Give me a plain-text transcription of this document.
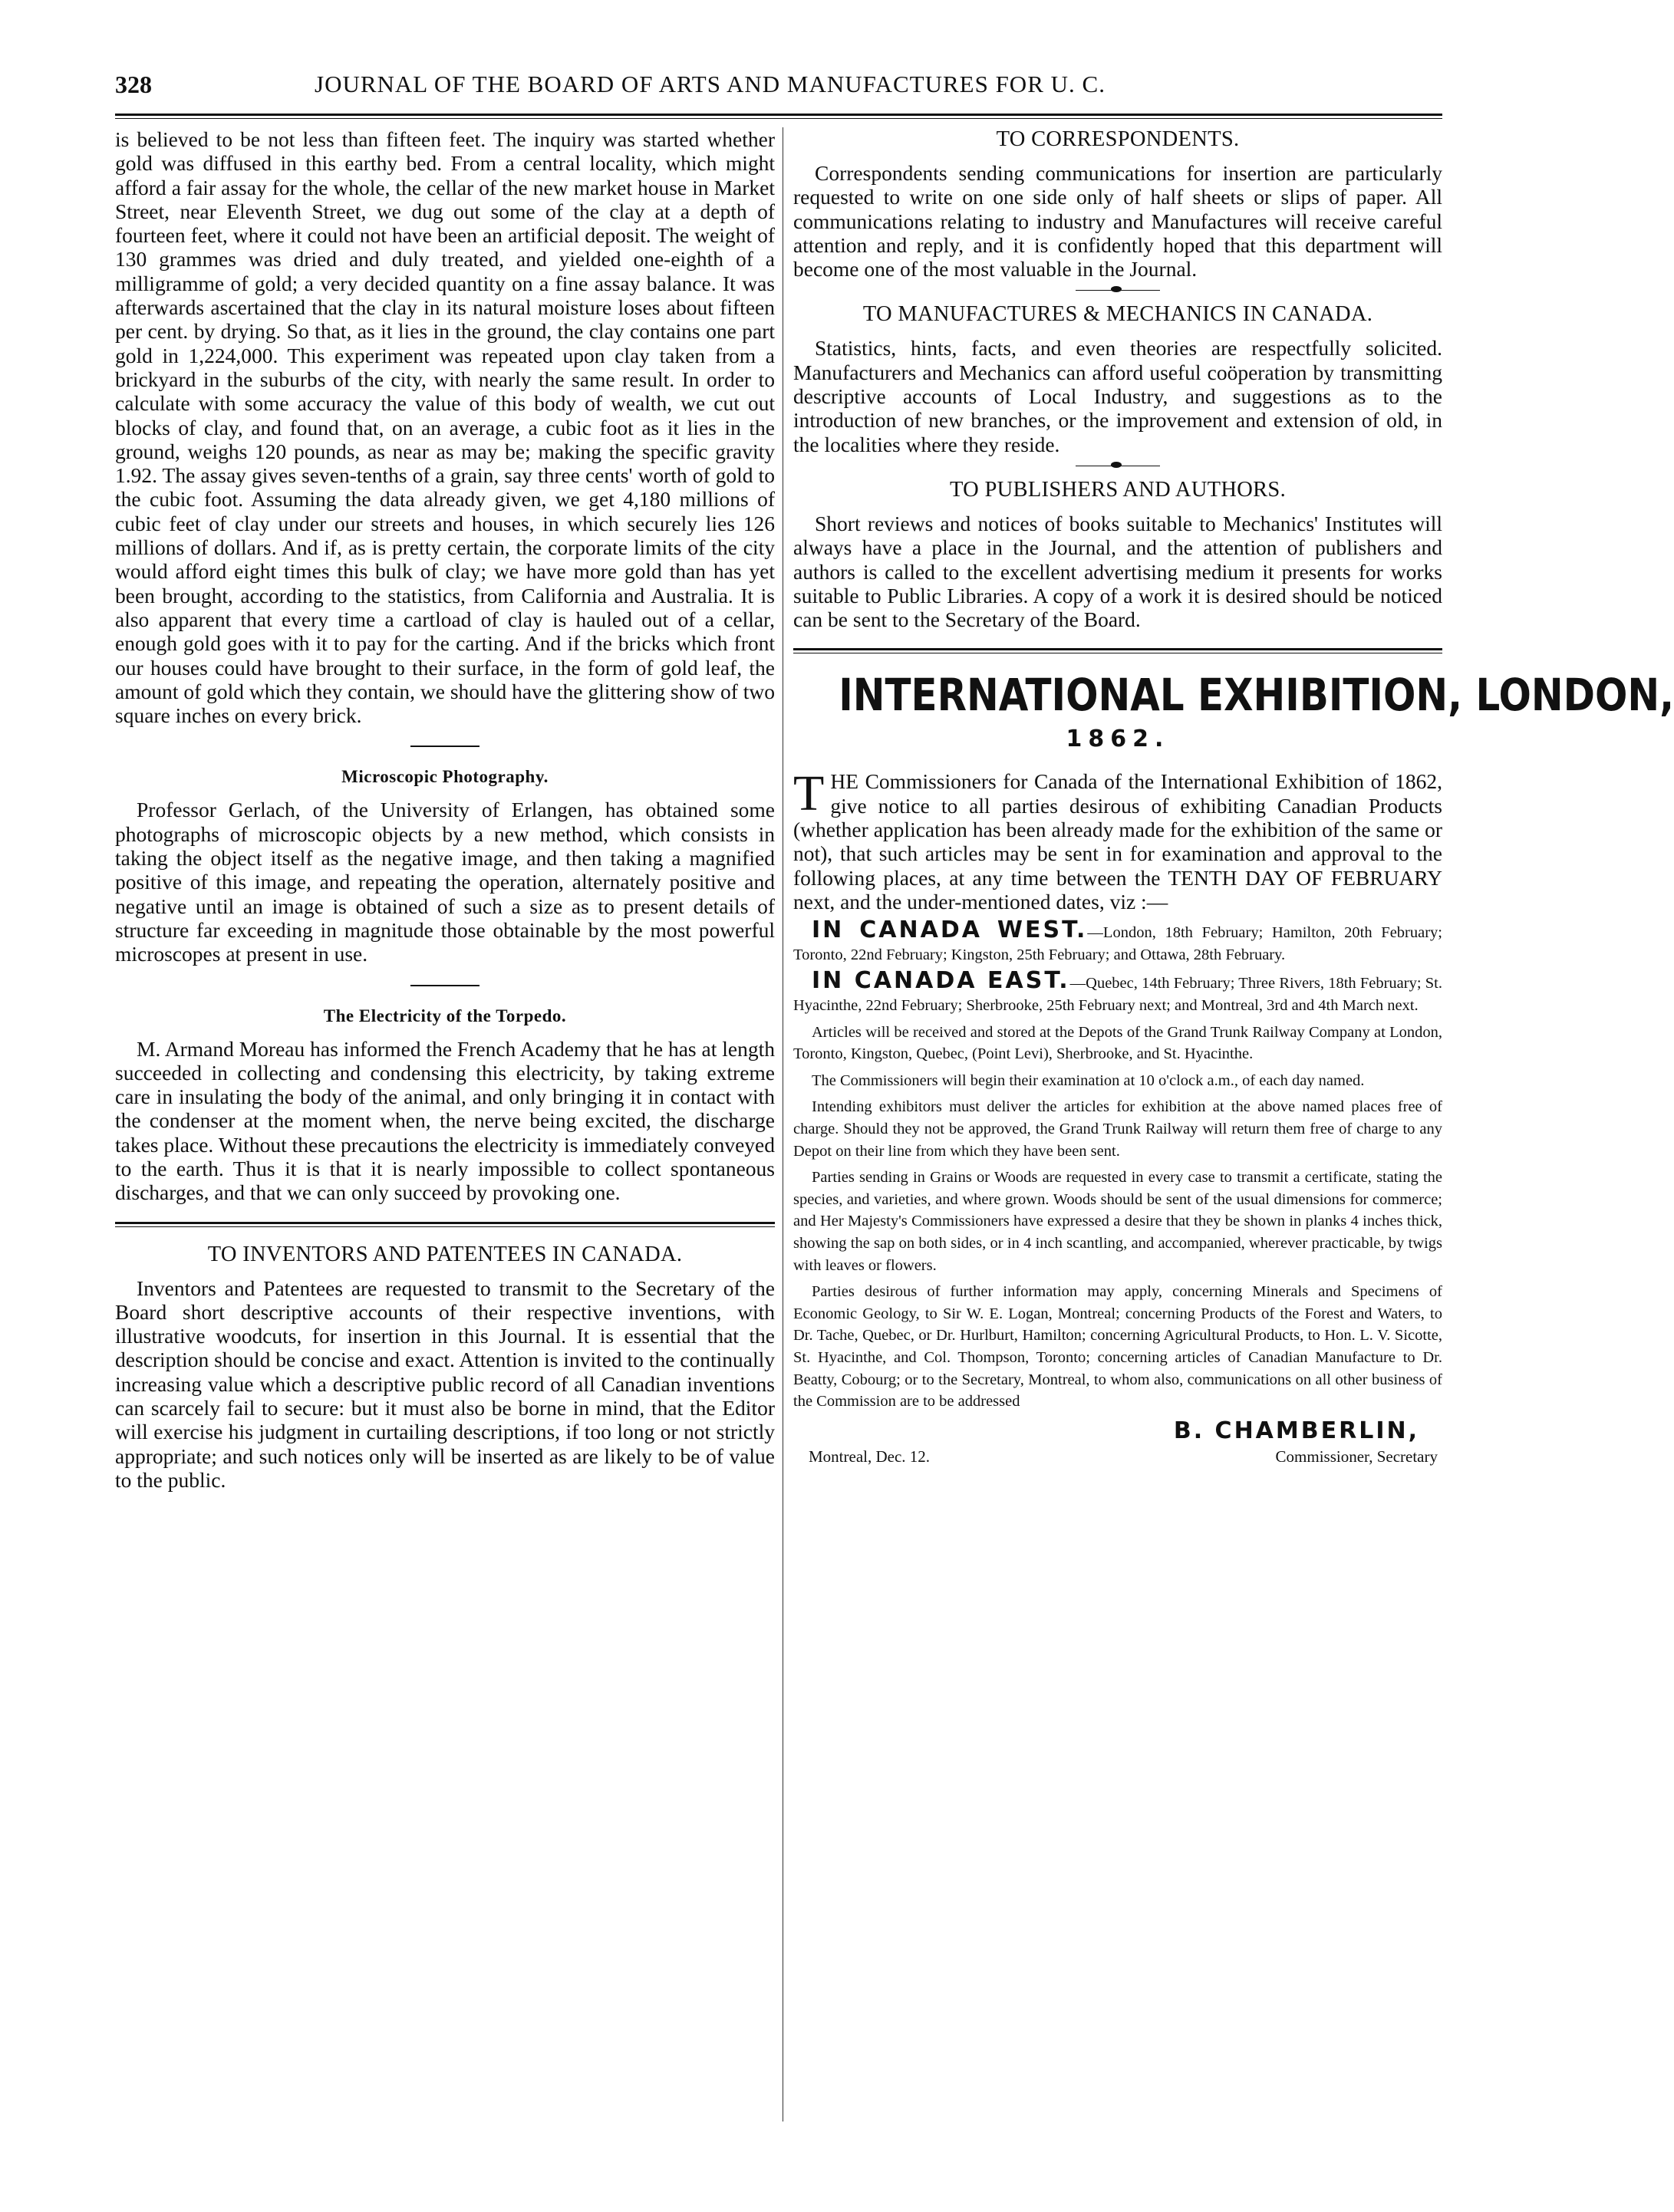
328	JOURNAL OF THE BOARD OF ARTS AND MANUFACTURES FOR U. C.

is believed to be not less than fifteen feet. The inquiry was started whether gold was diffused in this earthy bed. From a central locality, which might afford a fair assay for the whole, the cellar of the new market house in Market Street, near Eleventh Street, we dug out some of the clay at a depth of fourteen feet, where it could not have been an artificial deposit. The weight of 130 grammes was dried and duly treated, and yielded one-eighth of a milligramme of gold; a very decided quantity on a fine assay balance. It was afterwards ascertained that the clay in its natural moisture loses about fifteen per cent. by drying. So that, as it lies in the ground, the clay contains one part gold in 1,224,000. This experiment was repeated upon clay taken from a brickyard in the suburbs of the city, with nearly the same result. In order to calculate with some accuracy the value of this body of wealth, we cut out blocks of clay, and found that, on an average, a cubic foot as it lies in the ground, weighs 120 pounds, as near as may be; making the specific gravity 1.92. The assay gives seven-tenths of a grain, say three cents' worth of gold to the cubic foot. Assuming the data already given, we get 4,180 millions of cubic feet of clay under our streets and houses, in which securely lies 126 millions of dollars. And if, as is pretty certain, the corporate limits of the city would afford eight times this bulk of clay; we have more gold than has yet been brought, according to the statistics, from California and Australia. It is also apparent that every time a cartload of clay is hauled out of a cellar, enough gold goes with it to pay for the carting. And if the bricks which front our houses could have brought to their surface, in the form of gold leaf, the amount of gold which they contain, we should have the glittering show of two square inches on every brick.

Microscopic Photography.

Professor Gerlach, of the University of Erlangen, has obtained some photographs of microscopic objects by a new method, which consists in taking the object itself as the negative image, and then taking a magnified positive of this image, and repeating the operation, alternately positive and negative until an image is obtained of such a size as to present details of structure far exceeding in magnitude those obtainable by the most powerful microscopes at present in use.

The Electricity of the Torpedo.

M. Armand Moreau has informed the French Academy that he has at length succeeded in collecting and condensing this electricity, by taking extreme care in insulating the body of the animal, and only bringing it in contact with the condenser at the moment when, the nerve being excited, the discharge takes place. Without these precautions the electricity is immediately conveyed to the earth. Thus it is that it is nearly impossible to collect spontaneous discharges, and that we can only succeed by provoking one.

TO INVENTORS AND PATENTEES IN CANADA.

Inventors and Patentees are requested to transmit to the Secretary of the Board short descriptive accounts of their respective inventions, with illustrative woodcuts, for insertion in this Journal. It is essential that the description should be concise and exact. Attention is invited to the continually increasing value which a descriptive public record of all Canadian inventions can scarcely fail to secure: but it must also be borne in mind, that the Editor will exercise his judgment in curtailing descriptions, if too long or not strictly appropriate; and such notices only will be inserted as are likely to be of value to the public.

TO CORRESPONDENTS.

Correspondents sending communications for insertion are particularly requested to write on one side only of half sheets or slips of paper. All communications relating to industry and Manufactures will receive careful attention and reply, and it is confidently hoped that this department will become one of the most valuable in the Journal.

TO MANUFACTURES & MECHANICS IN CANADA.

Statistics, hints, facts, and even theories are respectfully solicited. Manufacturers and Mechanics can afford useful coöperation by transmitting descriptive accounts of Local Industry, and suggestions as to the introduction of new branches, or the improvement and extension of old, in the localities where they reside.

TO PUBLISHERS AND AUTHORS.

Short reviews and notices of books suitable to Mechanics' Institutes will always have a place in the Journal, and the attention of publishers and authors is called to the excellent advertising medium it presents for works suitable to Public Libraries. A copy of a work it is desired should be noticed can be sent to the Secretary of the Board.

INTERNATIONAL EXHIBITION, LONDON,
1862.

THE Commissioners for Canada of the International Exhibition of 1862, give notice to all parties desirous of exhibiting Canadian Products (whether application has been already made for the exhibition of the same or not), that such articles may be sent in for examination and approval to the following places, at any time between the TENTH DAY OF FEBRUARY next, and the under-mentioned dates, viz :—

IN CANADA WEST.—London, 18th February; Hamilton, 20th February; Toronto, 22nd February; Kingston, 25th February; and Ottawa, 28th February.

IN CANADA EAST.—Quebec, 14th February; Three Rivers, 18th February; St. Hyacinthe, 22nd February; Sherbrooke, 25th February next; and Montreal, 3rd and 4th March next.

Articles will be received and stored at the Depots of the Grand Trunk Railway Company at London, Toronto, Kingston, Quebec, (Point Levi), Sherbrooke, and St. Hyacinthe.

The Commissioners will begin their examination at 10 o'clock a.m., of each day named.

Intending exhibitors must deliver the articles for exhibition at the above named places free of charge. Should they not be approved, the Grand Trunk Railway will return them free of charge to any Depot on their line from which they have been sent.

Parties sending in Grains or Woods are requested in every case to transmit a certificate, stating the species, and varieties, and where grown. Woods should be sent of the usual dimensions for commerce; and Her Majesty's Commissioners have expressed a desire that they be shown in planks 4 inches thick, showing the sap on both sides, or in 4 inch scantling, and accompanied, wherever practicable, by twigs with leaves or flowers.

Parties desirous of further information may apply, concerning Minerals and Specimens of Economic Geology, to Sir W. E. Logan, Montreal; concerning Products of the Forest and Waters, to Dr. Tache, Quebec, or Dr. Hurlburt, Hamilton; concerning Agricultural Products, to Hon. L. V. Sicotte, St. Hyacinthe, and Col. Thompson, Toronto; concerning articles of Canadian Manufacture to Dr. Beatty, Cobourg; or to the Secretary, Montreal, to whom also, communications on all other business of the Commission are to be addressed

B. CHAMBERLIN,
Montreal, Dec. 12.	Commissioner, Secretary
